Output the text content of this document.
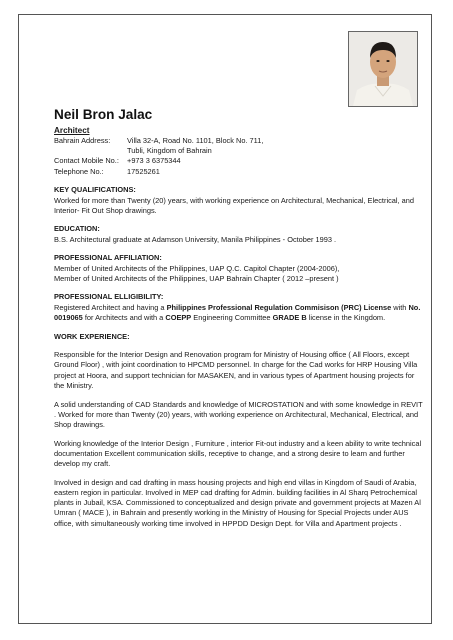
Neil Bron Jalac
Architect
Bahrain Address:	Villa 32-A, Road No. 1101, Block No. 711,
Tubli, Kingdom of Bahrain
Contact Mobile No.:	+973 3 6375344
Telephone No.:	17525261
KEY QUALIFICATIONS:

Worked for more than Twenty (20) years, with working experience on Architectural, Mechanical, Electrical, and Interior- Fit Out Shop drawings.

EDUCATION:

B.S. Architectural graduate at Adamson University, Manila Philippines - October 1993 .

PROFESSIONAL AFFILIATION:

Member of United Architects of the Philippines, UAP Q.C. Capitol Chapter (2004-2006),

Member of United Architects of the Philippines, UAP Bahrain Chapter ( 2012 –present )

PROFESSIONAL ELLIGIBILITY:

Registered Architect and having a Philippines Professional Regulation Commisison (PRC) License with No. 0019065 for Architects and with a COEPP Engineering Committee GRADE B license in the Kingdom.

WORK EXPERIENCE:

Responsible for the Interior Design and Renovation program for Ministry of Housing office ( All Floors, except Ground Floor) , with joint coordination to HPCMD personnel. In charge for the Cad works for HRP Housing Villa project at Hoora, and support technician for MASAKEN, and in various types of Apartment housing projects for the Ministry.

A solid understanding of CAD Standards and knowledge of MICROSTATION and with some knowledge in REVIT . Worked for more than Twenty (20) years, with working experience on Architectural, Mechanical, Electrical, and Shop drawings.

Working knowledge of the Interior Design , Furniture , interior Fit-out industry and a keen ability to write technical documentation Excellent communication skills, receptive to change, and a strong desire to learn and further develop my craft.

Involved in design and cad drafting in mass housing projects and high end villas in Kingdom of Saudi of Arabia, eastern region in particular. Involved in MEP cad drafting for Admin. building facilities in Al Sharq Petrochemical plants in Jubail, KSA. Commissioned to conceptualized and design private and government projects at Mazen Al Umran ( MACE ), in Bahrain and presently working in the Ministry of Housing for Special Projects under AUS office, with simultaneously working time involved in HPPDD Design Dept. for Villa and Apartment projects .
